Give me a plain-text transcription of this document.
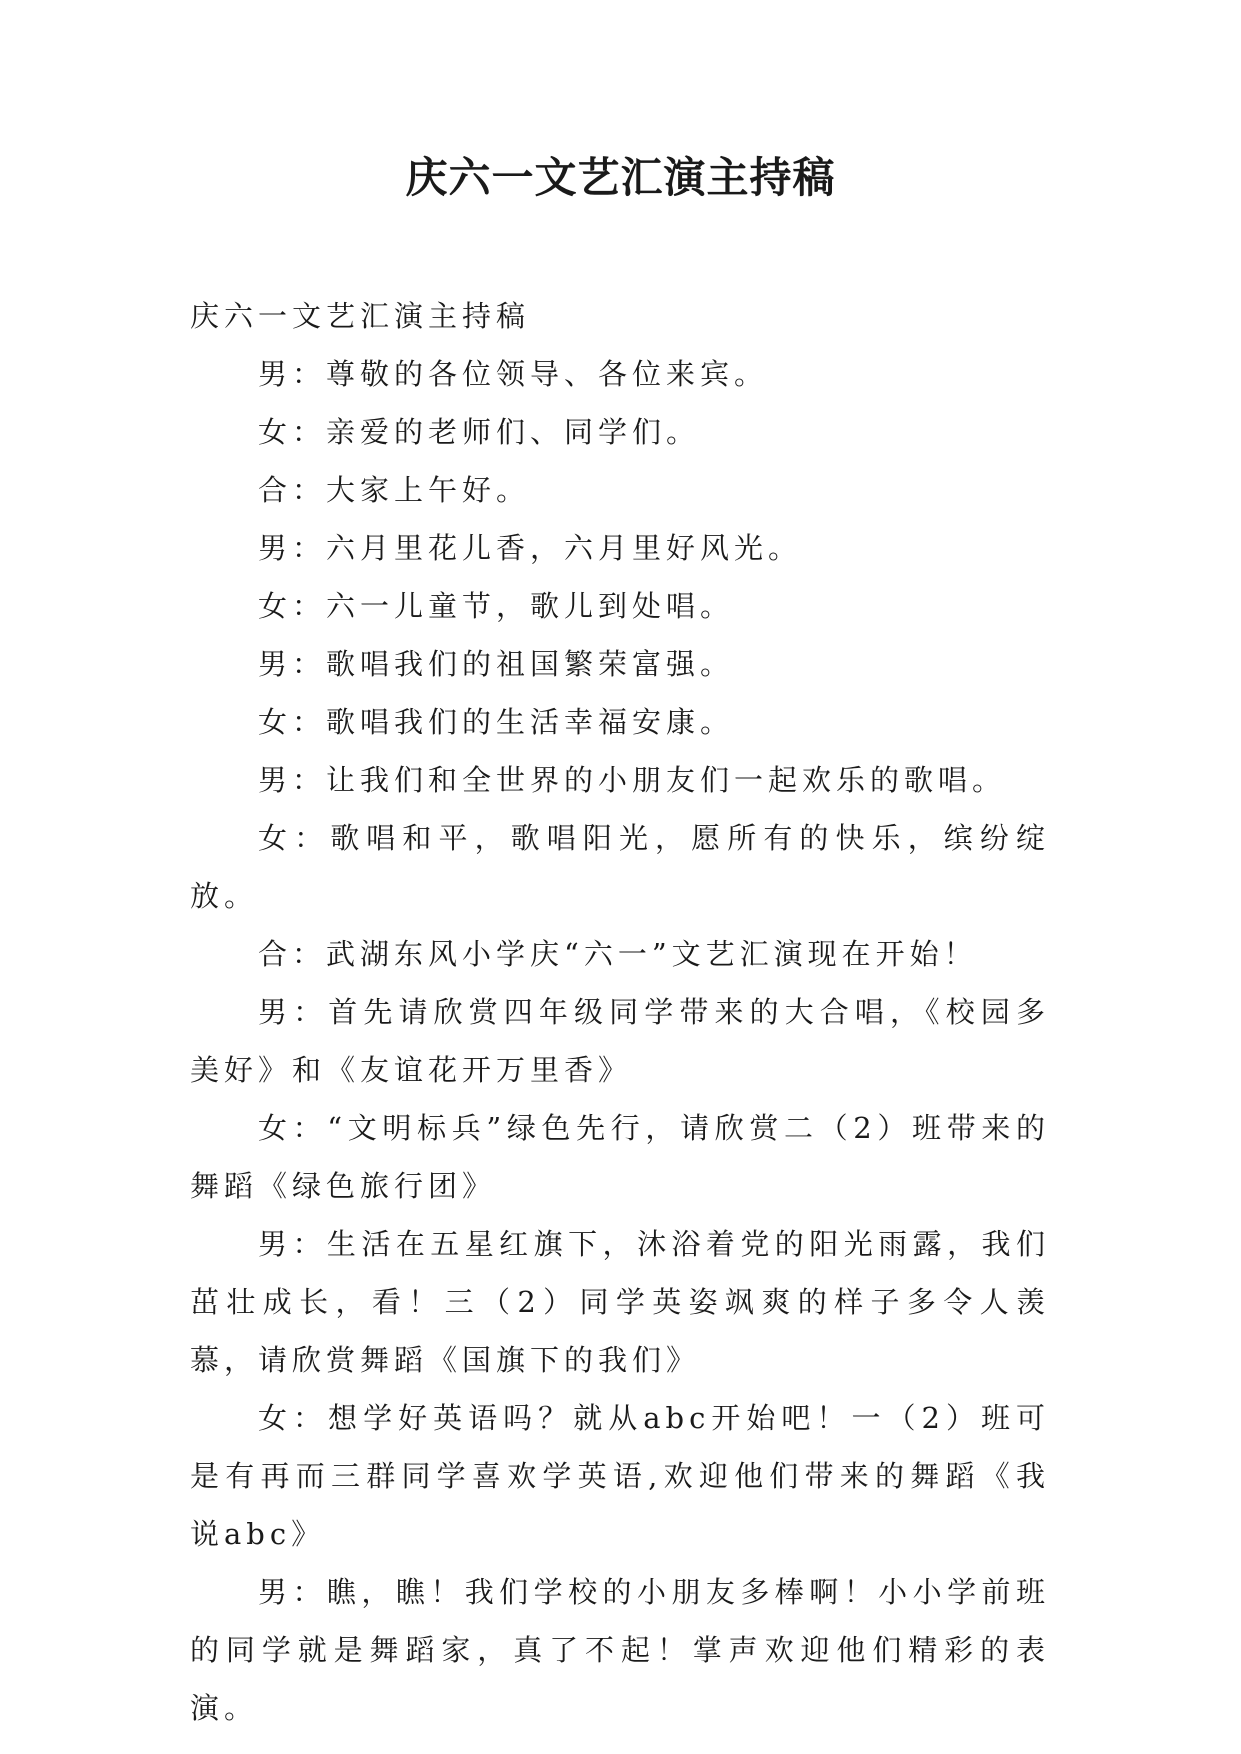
庆六一文艺汇演主持稿

庆六一文艺汇演主持稿

男：尊敬的各位领导、各位来宾。

女：亲爱的老师们、同学们。

合：大家上午好。

男：六月里花儿香，六月里好风光。

女：六一儿童节，歌儿到处唱。

男：歌唱我们的祖国繁荣富强。

女：歌唱我们的生活幸福安康。

男：让我们和全世界的小朋友们一起欢乐的歌唱。

女：歌唱和平，歌唱阳光，愿所有的快乐，缤纷绽放。

合：武湖东风小学庆“六一”文艺汇演现在开始！

男：首先请欣赏四年级同学带来的大合唱，《校园多美好》和《友谊花开万里香》

女：“文明标兵”绿色先行，请欣赏二（2）班带来的舞蹈《绿色旅行团》

男：生活在五星红旗下，沐浴着党的阳光雨露，我们茁壮成长，看！三（2）同学英姿飒爽的样子多令人羡慕，请欣赏舞蹈《国旗下的我们》

女：想学好英语吗？就从abc开始吧！一（2）班可是有再而三群同学喜欢学英语,欢迎他们带来的舞蹈《我说abc》

男：瞧，瞧！我们学校的小朋友多棒啊！小小学前班的同学就是舞蹈家，真了不起！掌声欢迎他们精彩的表演。
